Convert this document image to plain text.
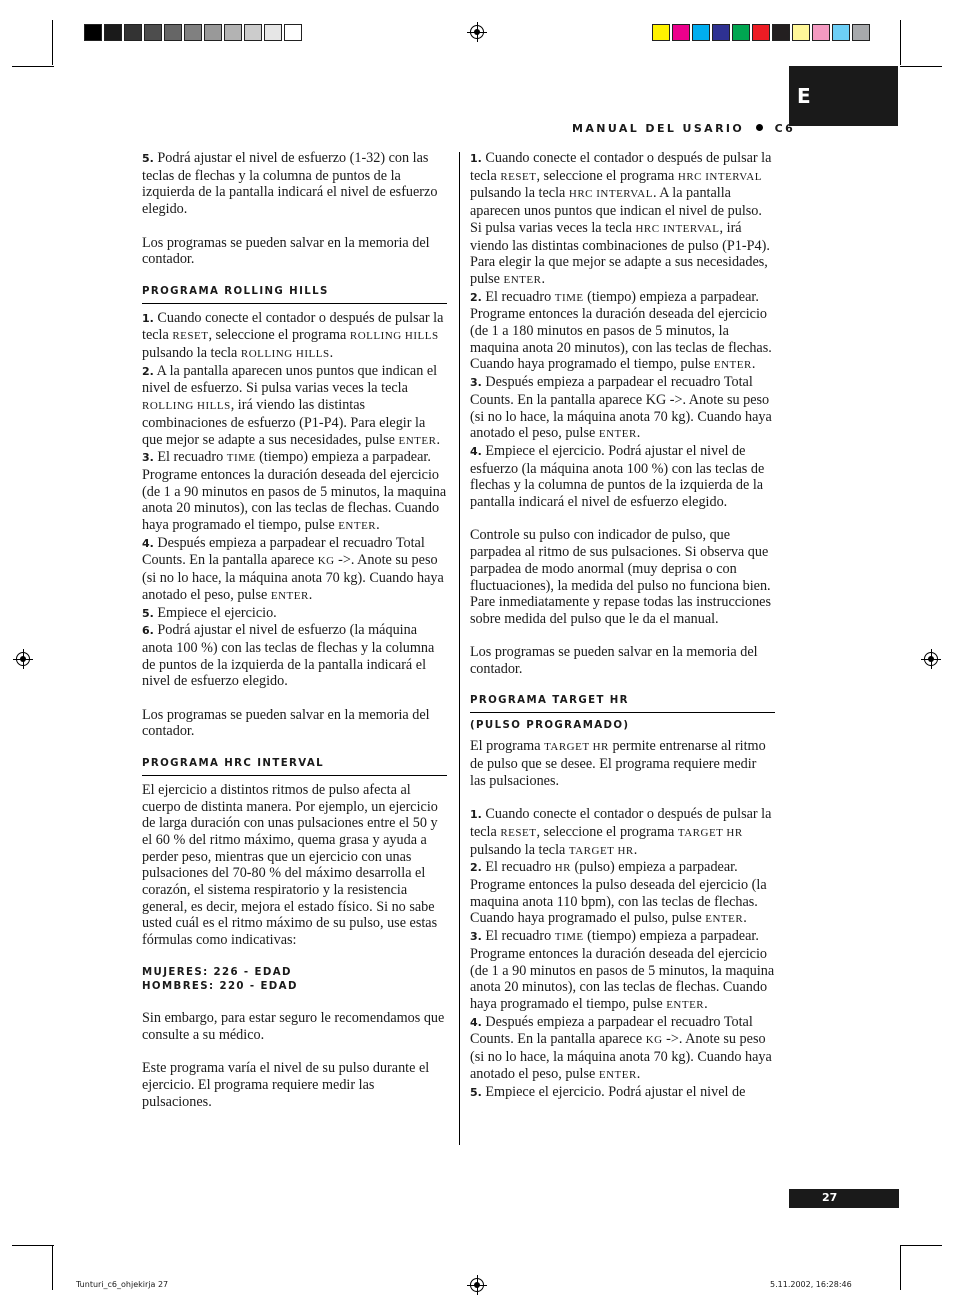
E
MANUAL DEL USARIO	C6

5. Podrá ajustar el nivel de esfuerzo (1-32) con las teclas de flechas y la columna de puntos de la izquierda de la pantalla indicará el nivel de esfuerzo elegido.

Los programas se pueden salvar en la memoria del contador.

PROGRAMA ROLLING HILLS

1. Cuando conecte el contador o después de pulsar la tecla RESET, seleccione el programa ROLLING HILLS pulsando la tecla ROLLING HILLS.

2. A la pantalla aparecen unos puntos que indican el nivel de esfuerzo. Si pulsa varias veces la tecla ROLLING HILLS, irá viendo las distintas combinaciones de esfuerzo (P1-P4). Para elegir la que mejor se adapte a sus necesidades, pulse ENTER.

3. El recuadro TIME (tiempo) empieza a parpadear. Programe entonces la duración deseada del ejercicio (de 1 a 90 minutos en pasos de 5 minutos, la maquina anota 20 minutos), con las teclas de flechas. Cuando haya programado el tiempo, pulse ENTER.

4. Después empieza a parpadear el recuadro Total Counts. En la pantalla aparece KG ->. Anote su peso (si no lo hace, la máquina anota 70 kg). Cuando haya anotado el peso, pulse ENTER.

5. Empiece el ejercicio.

6. Podrá ajustar el nivel de esfuerzo (la máquina anota 100 %) con las teclas de flechas y la columna de puntos de la izquierda de la pantalla indicará el nivel de esfuerzo elegido.

Los programas se pueden salvar en la memoria del contador.

PROGRAMA HRC INTERVAL

El ejercicio a distintos ritmos de pulso afecta al cuerpo de distinta manera. Por ejemplo, un ejercicio de larga duración con unas pulsaciones entre el 50 y el 60 % del ritmo máximo, quema grasa y ayuda a perder peso, mientras que un ejercicio con unas pulsaciones del 70-80 % del máximo desarrolla el corazón, el sistema respiratorio y la resistencia general, es decir, mejora el estado físico. Si no sabe usted cuál es el ritmo máximo de su pulso, use estas fórmulas como indicativas:

MUJERES: 226 - EDAD
HOMBRES: 220 - EDAD

Sin embargo, para estar seguro le recomendamos que consulte a su médico.

Este programa varía el nivel de su pulso durante el ejercicio. El programa requiere medir las pulsaciones.

1. Cuando conecte el contador o después de pulsar la tecla RESET, seleccione el programa HRC INTERVAL pulsando la tecla HRC INTERVAL. A la pantalla aparecen unos puntos que indican el nivel de pulso. Si pulsa varias veces la tecla HRC INTERVAL, irá viendo las distintas combinaciones de pulso (P1-P4). Para elegir la que mejor se adapte a sus necesidades, pulse ENTER.

2. El recuadro TIME (tiempo) empieza a parpadear. Programe entonces la duración deseada del ejercicio (de 1 a 180 minutos en pasos de 5 minutos, la maquina anota 20 minutos), con las teclas de flechas. Cuando haya programado el tiempo, pulse ENTER.

3. Después empieza a parpadear el recuadro Total Counts. En la pantalla aparece KG ->. Anote su peso (si no lo hace, la máquina anota 70 kg). Cuando haya anotado el peso, pulse ENTER.

4. Empiece el ejercicio. Podrá ajustar el nivel de esfuerzo (la máquina anota 100 %) con las teclas de flechas y la columna de puntos de la izquierda de la pantalla indicará el nivel de esfuerzo elegido.

Controle su pulso con indicador de pulso, que parpadea al ritmo de sus pulsaciones. Si observa que parpadea de modo anormal (muy deprisa o con fluctuaciones), la medida del pulso no funciona bien. Pare inmediatamente y repase todas las instrucciones sobre medida del pulso que le da el manual.

Los programas se pueden salvar en la memoria del contador.

PROGRAMA TARGET HR
(PULSO PROGRAMADO)

El programa TARGET HR permite entrenarse al ritmo de pulso que se desee. El programa requiere medir las pulsaciones.

1. Cuando conecte el contador o después de pulsar la tecla RESET, seleccione el programa TARGET HR pulsando la tecla TARGET HR.

2. El recuadro HR (pulso) empieza a parpadear. Programe entonces la pulso deseada del ejercicio (la maquina anota 110 bpm), con las teclas de flechas. Cuando haya programado el pulso, pulse ENTER.

3. El recuadro TIME (tiempo) empieza a parpadear. Programe entonces la duración deseada del ejercicio (de 1 a 90 minutos en pasos de 5 minutos, la maquina anota 20 minutos), con las teclas de flechas. Cuando haya programado el tiempo, pulse ENTER.

4. Después empieza a parpadear el recuadro Total Counts. En la pantalla aparece KG ->. Anote su peso (si no lo hace, la máquina anota 70 kg). Cuando haya anotado el peso, pulse ENTER.

5. Empiece el ejercicio. Podrá ajustar el nivel de

27
Tunturi_c6_ohjekirja 27	5.11.2002, 16:28:46
